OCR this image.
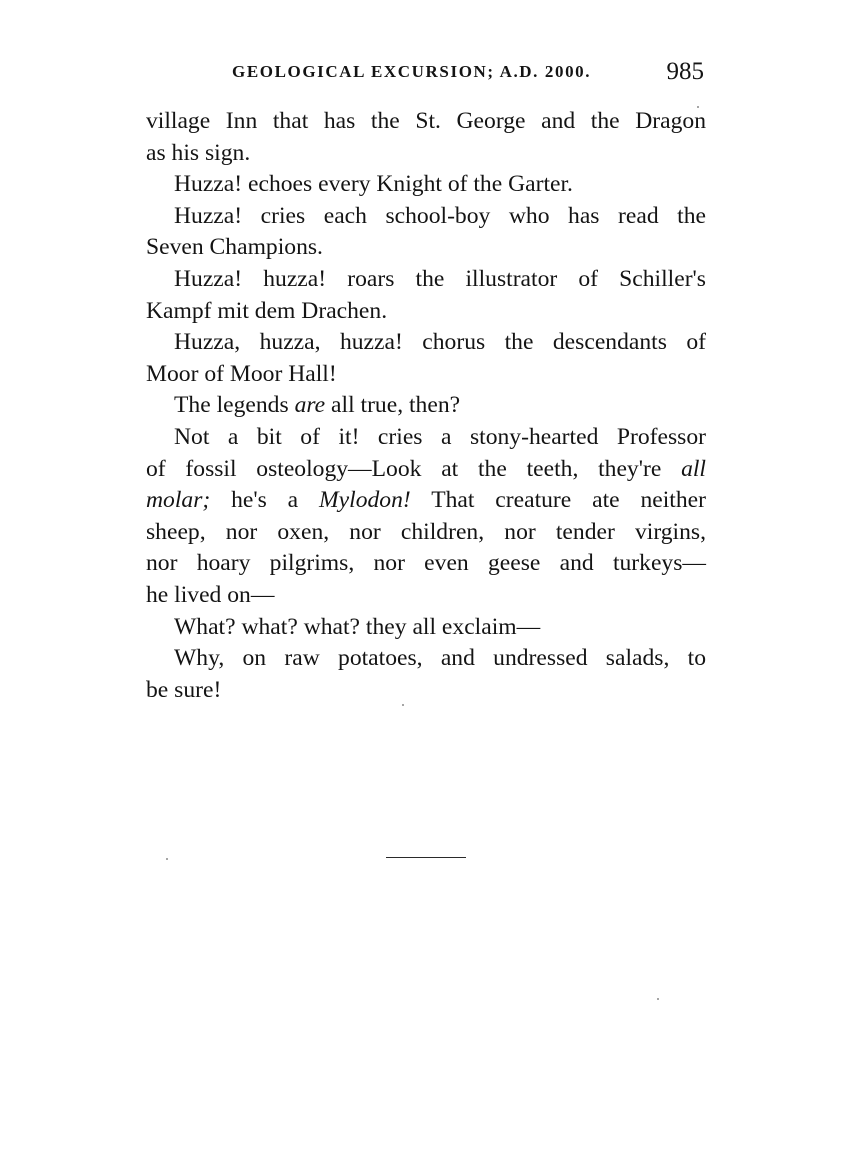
GEOLOGICAL EXCURSION; A.D. 2000.	985
village Inn that has the St. George and the Dragon
as his sign.
Huzza! echoes every Knight of the Garter.
Huzza! cries each school-boy who has read the
Seven Champions.
Huzza! huzza! roars the illustrator of Schiller's
Kampf mit dem Drachen.
Huzza, huzza, huzza! chorus the descendants of
Moor of Moor Hall!
The legends are all true, then?
Not a bit of it! cries a stony-hearted Professor
of fossil osteology—Look at the teeth, they're all
molar; he's a Mylodon! That creature ate neither
sheep, nor oxen, nor children, nor tender virgins,
nor hoary pilgrims, nor even geese and turkeys—
he lived on—
What? what? what? they all exclaim—
Why, on raw potatoes, and undressed salads, to
be sure!
